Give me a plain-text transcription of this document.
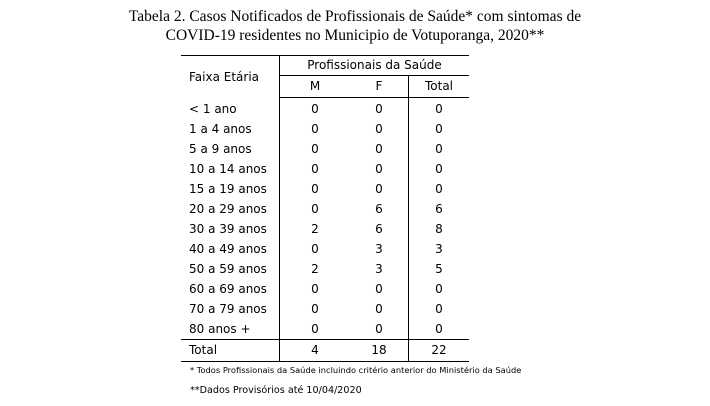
Tabela 2. Casos Notificados de Profissionais de Saúde* com sintomas de
COVID-19 residentes no Municipio de Votuporanga, 2020**
Faixa Etária	Profissionais da Saúde		
	M	F	Total
< 1 ano	0	0	0
1 a 4 anos	0	0	0
5 a 9 anos	0	0	0
10 a 14 anos	0	0	0
15 a 19 anos	0	0	0
20 a 29 anos	0	6	6
30 a 39 anos	2	6	8
40 a 49 anos	0	3	3
50 a 59 anos	2	3	5
60 a 69 anos	0	0	0
70 a 79 anos	0	0	0
80 anos +	0	0	0
Total	4	18	22
* Todos Profissionais da Saúde incluindo critério anterior do Ministério da Saúde
**Dados Provisórios até 10/04/2020
